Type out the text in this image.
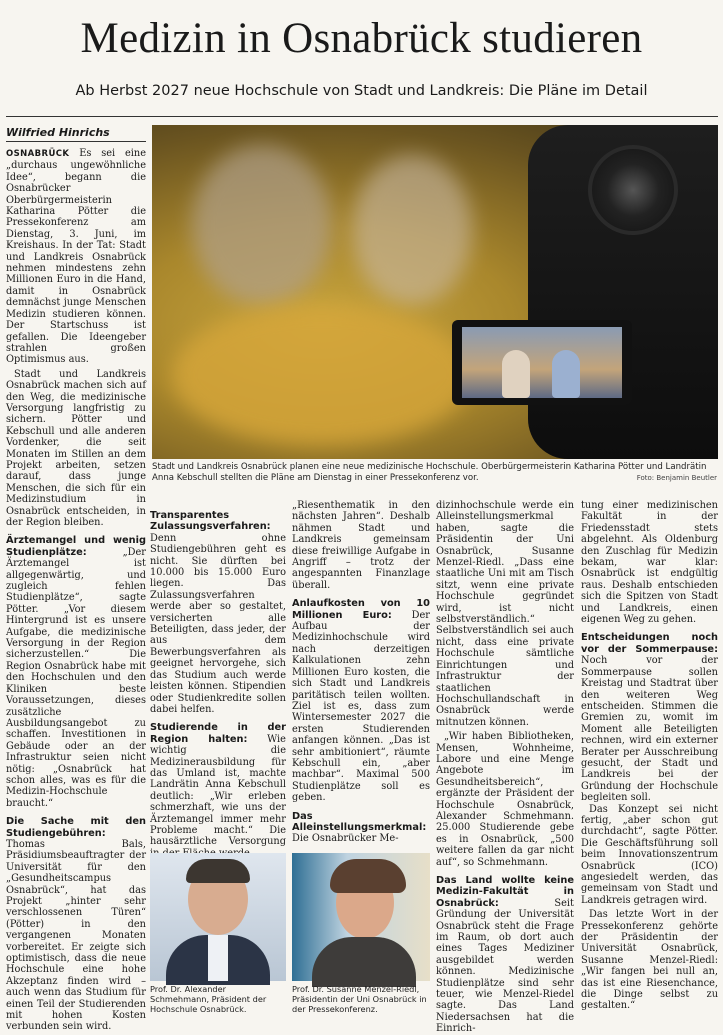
Medizin in Osnabrück studieren
Ab Herbst 2027 neue Hochschule von Stadt und Landkreis: Die Pläne im Detail
Wilfried Hinrichs

OSNABRÜCK Es sei eine „durchaus ungewöhnliche Idee“, begann die Osnabrücker Oberbürgermeisterin Katharina Pötter die Pressekonferenz am Dienstag, 3. Juni, im Kreishaus. In der Tat: Stadt und Landkreis Osnabrück nehmen mindestens zehn Millionen Euro in die Hand, damit in Osnabrück demnächst junge Menschen Medizin studieren können. Der Startschuss ist gefallen. Die Ideengeber strahlen großen Optimismus aus.

Stadt und Landkreis Osnabrück machen sich auf den Weg, die medizinische Versorgung langfristig zu sichern. Pötter und Kebschull und alle anderen Vordenker, die seit Monaten im Stillen an dem Projekt arbeiten, setzen darauf, dass junge Menschen, die sich für ein Medizinstudium in Osnabrück entscheiden, in der Region bleiben.

Ärztemangel und wenig Studienplätze:	„Der Ärztemangel ist allgegenwärtig, und zugleich fehlen Studienplätze“, sagte Pötter. „Vor diesem Hintergrund ist es unsere Aufgabe, die medizinische Versorgung in der Region sicherzustellen.“ Die Region Osnabrück habe mit den Hochschulen und den Kliniken beste Voraussetzungen, dieses zusätzliche Ausbildungsangebot zu schaffen. Investitionen in Gebäude oder an der Infrastruktur seien nicht nötig: „Osnabrück hat schon alles, was es für die Medizin-Hochschule braucht.“
Die Sache mit den Studiengebühren: Thomas Bals, Präsidiumsbeauftragter der Universität für den „Gesundheitscampus Osnabrück“, hat das Projekt „hinter sehr verschlossenen Türen“ (Pötter) in den vergangenen Monaten vorbereitet. Er zeigte sich optimistisch, dass die neue Hochschule eine hohe Akzeptanz finden wird – auch wenn das Studium für einen Teil der Studierenden mit hohen Kosten verbunden sein wird.
Stadt und Landkreis Osnabrück planen eine neue medizinische Hochschule. Oberbürgermeisterin Katharina Pötter und Landrätin Anna Kebschull stellten die Pläne am Dienstag in einer Pressekonferenz vor.	Foto: Benjamin Beutler
Transparentes Zulassungsverfahren: Denn ohne Studiengebühren geht es nicht. Sie dürften bei 10.000 bis 15.000 Euro liegen. Das Zulassungsverfahren werde aber so gestaltet, versicherten alle Beteiligten, dass jeder, der aus dem Bewerbungsverfahren als geeignet hervorgehe, sich das Studium auch werde leisten können. Stipendien oder Studienkredite sollen dabei helfen.
Studierende in der Region halten: Wie wichtig die Medizinerausbildung für das Umland ist, machte Landrätin Anna Kebschull deutlich: „Wir erleben schmerzhaft, wie uns der Ärztemangel immer mehr Probleme macht.“ Die hausärztliche Versorgung
Prof. Dr. Alexander Schmehmann, Präsident der Hochschule Osnabrück.

„Riesenthematik in den nächsten Jahren“. Deshalb nähmen Stadt und Landkreis gemeinsam diese freiwillige Aufgabe in Angriff – trotz der angespannten Finanzlage überall.

Anlaufkosten von 10 Millionen Euro: Der Aufbau der Medizinhochschule wird nach derzeitigen Kalkulationen zehn Millionen Euro kosten, die sich Stadt und Landkreis paritätisch teilen wollten. Ziel ist es, dass zum Wintersemester 2027 die ersten Studierenden anfangen können. „Das ist sehr ambitioniert“, räumte Kebschull ein, „aber machbar“. Maximal 500 Studienplätze soll es geben.
Das Alleinstellungsmerkmal: Die Osnabrücker Me-
Prof. Dr. Susanne Menzel-Riedl, Präsidentin der Uni Osnabrück in der Pressekonferenz.

dizinhochschule werde ein Alleinstellungsmerkmal haben, sagte die Präsidentin der Uni Osnabrück, Susanne Menzel-Riedl. „Dass eine staatliche Uni mit am Tisch sitzt, wenn eine private Hochschule gegründet wird, ist nicht selbstverständlich.“ Selbstverständlich sei auch nicht, dass eine private Hochschule sämtliche Einrichtungen und Infrastruktur der staatlichen Hochschullandschaft in Osnabrück werde mitnutzen können.

„Wir haben Bibliotheken, Mensen, Wohnheime, Labore und eine Menge Angebote im Gesundheitsbereich“, ergänzte der Präsident der Hochschule Osnabrück, Alexander Schmehmann. 25.000 Studierende gebe es in Osnabrück, „500 weitere fallen da gar nicht auf“, so Schmehmann.

Das Land wollte keine Medizin-Fakultät in Osnabrück:	Seit Gründung der Universität Osnabrück steht die Frage im Raum, ob dort auch eines Tages Mediziner ausgebildet werden können. Medizinische Studienplätze sind sehr teuer, wie Menzel-Riedel sagte. Das Land Niedersachsen hat die Einrich-

tung einer medizinischen Fakultät in der Friedensstadt stets abgelehnt. Als Oldenburg den Zuschlag für Medizin bekam, war klar: Osnabrück ist endgültig raus. Deshalb entschieden sich die Spitzen von Stadt und Landkreis, einen eigenen Weg zu gehen.

Entscheidungen noch vor der Sommerpause: Noch vor der Sommerpause sollen Kreistag und Stadtrat über den weiteren Weg entscheiden. Stimmen die Gremien zu, womit im Moment alle Beteiligten rechnen, wird ein externer Berater per Ausschreibung gesucht, der Stadt und Landkreis bei der Gründung der Hochschule begleiten soll.

Das Konzept sei nicht fertig, „aber schon gut durchdacht“, sagte Pötter. Die Geschäftsführung soll beim Innovationszentrum Osnabrück (ICO) angesiedelt werden, das gemeinsam von Stadt und Landkreis getragen wird.

Das letzte Wort in der Pressekonferenz gehörte der Präsidentin der Universität Osnabrück, Susanne Menzel-Riedl: „Wir fangen bei null an, das ist eine Riesenchance, die Dinge selbst zu gestalten.“
